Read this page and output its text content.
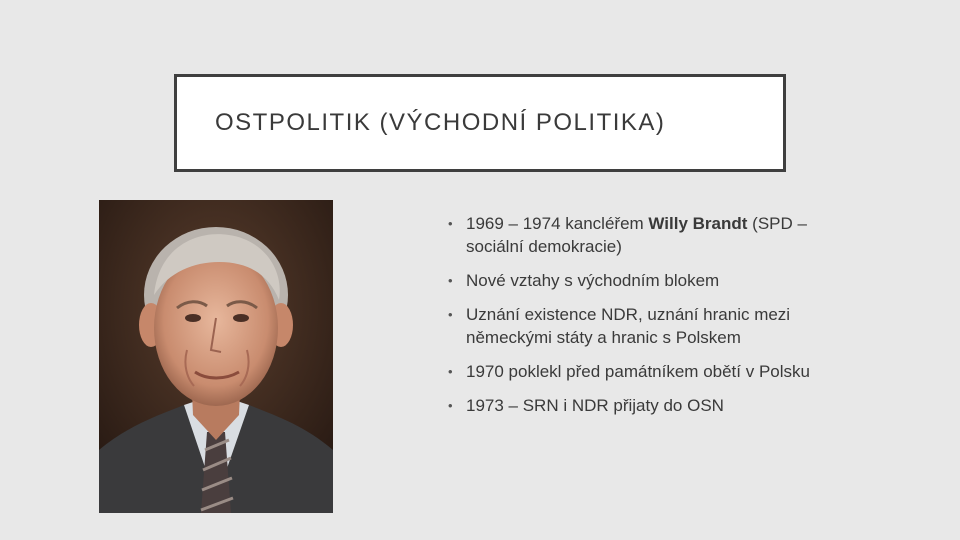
OSTPOLITIK (VÝCHODNÍ POLITIKA)
• 1969 – 1974 kancléřem Willy Brandt (SPD – sociální demokracie)
• Nové vztahy s východním blokem
• Uznání existence NDR, uznání hranic mezi německými státy a hranic s Polskem
• 1970 poklekl před památníkem obětí v Polsku
• 1973 – SRN i NDR přijaty do OSN
